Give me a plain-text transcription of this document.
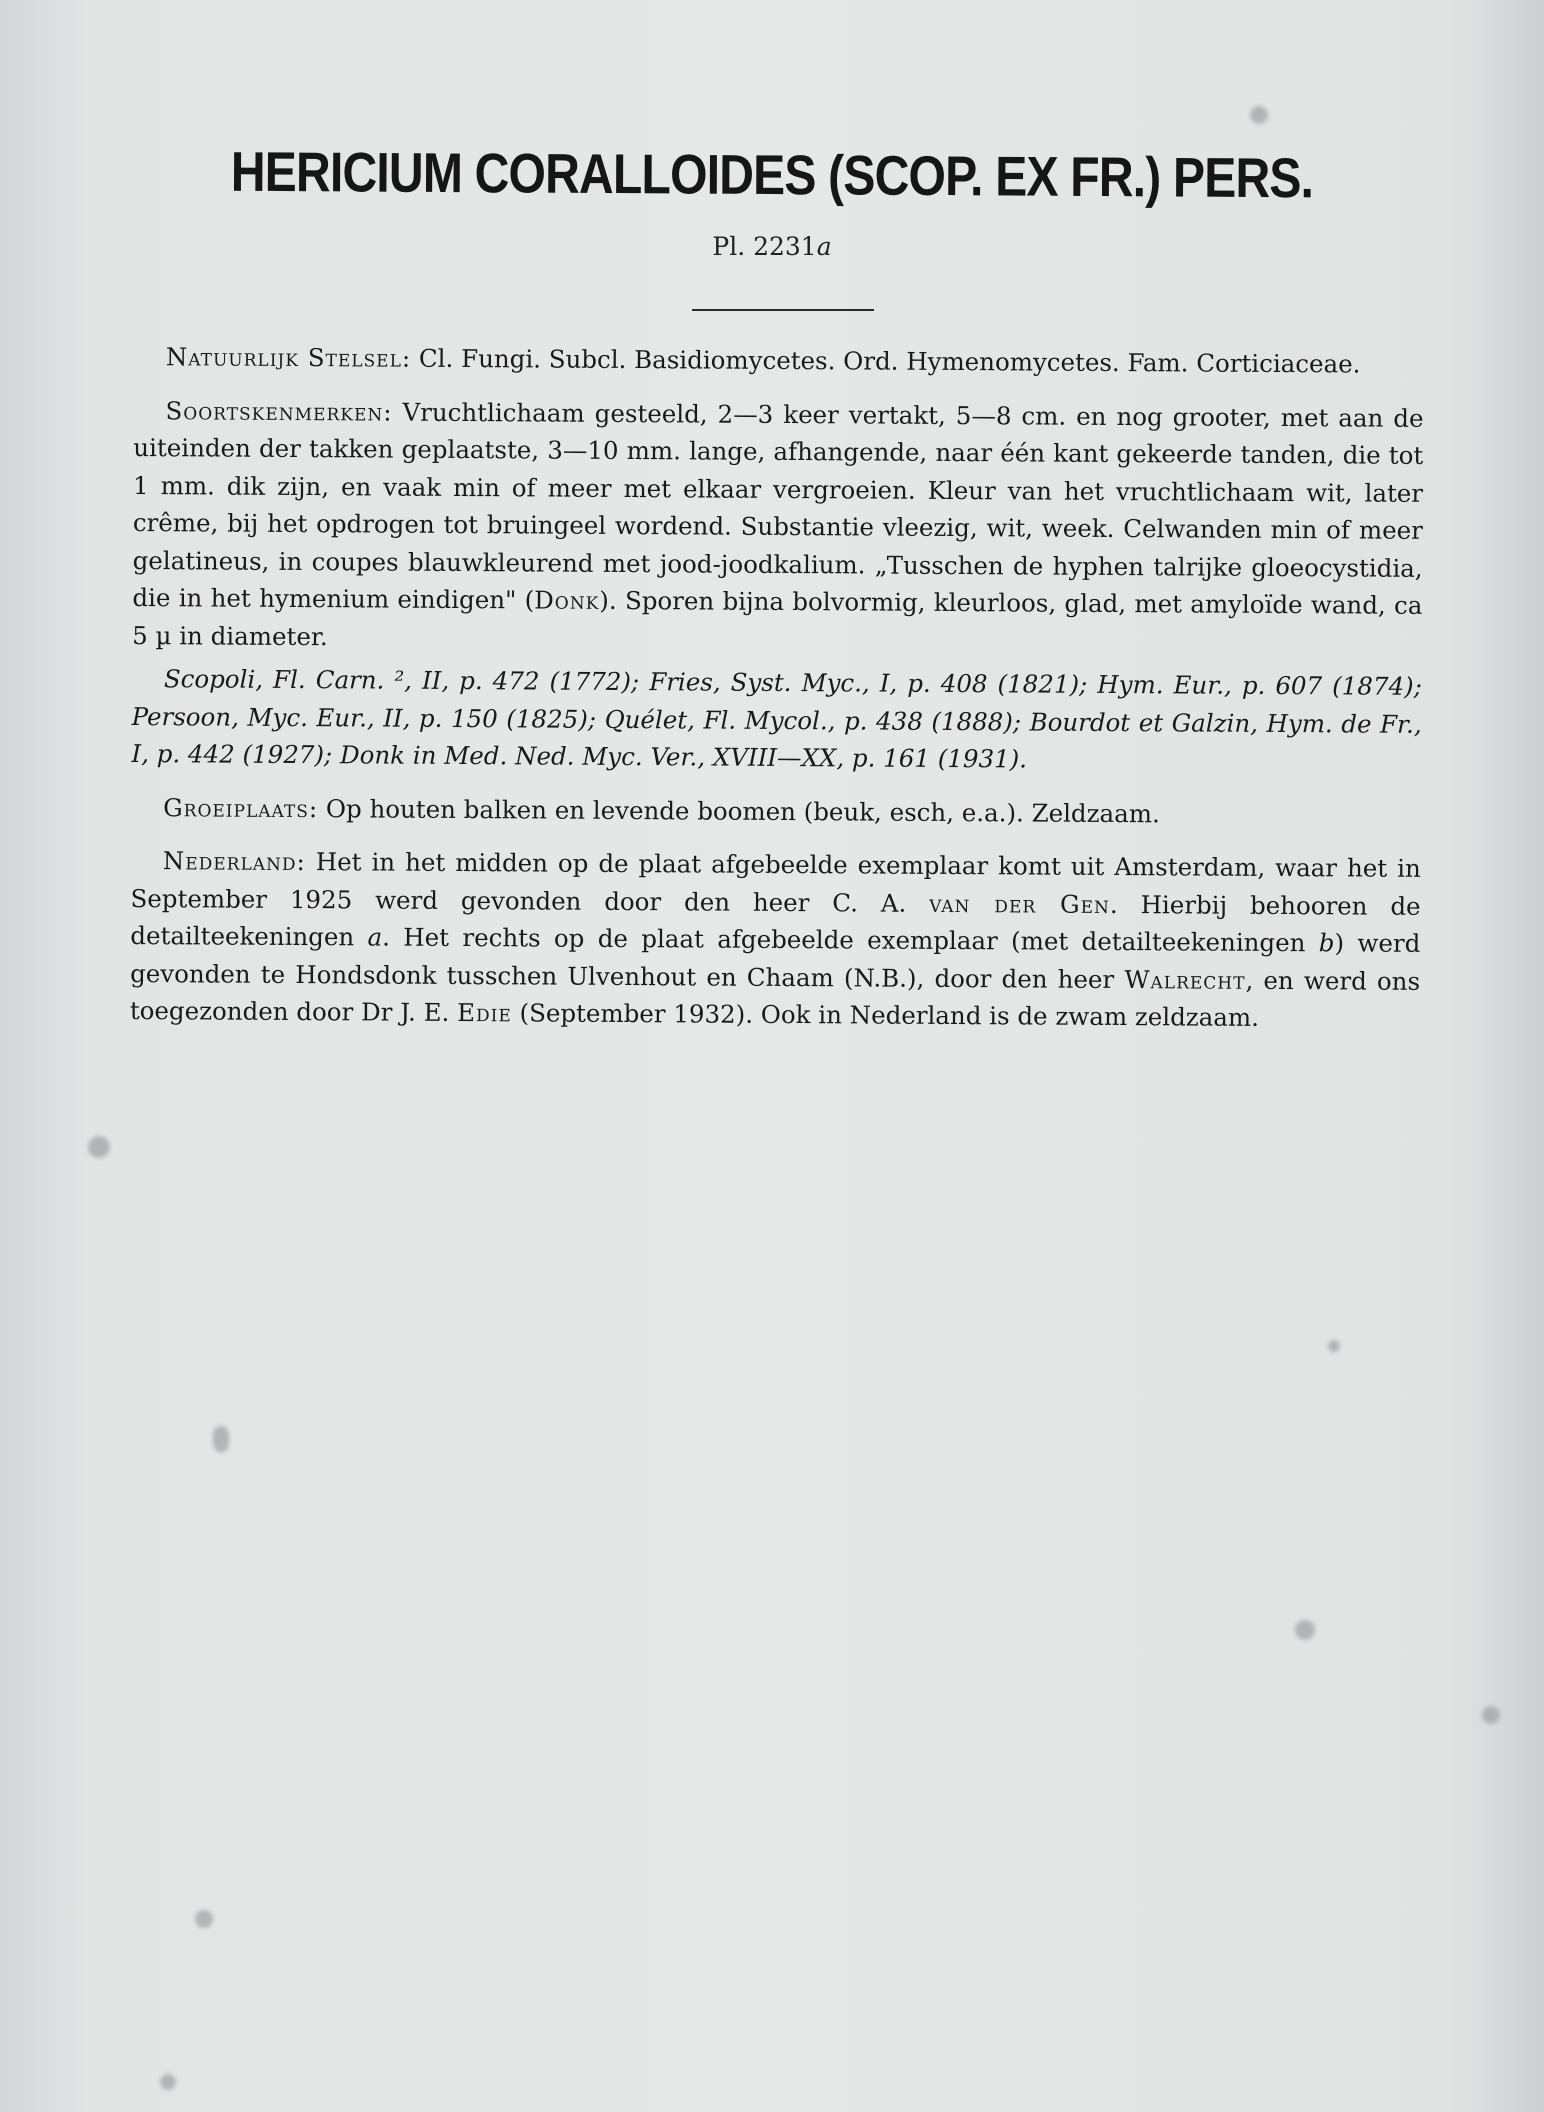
HERICIUM CORALLOIDES (SCOP. EX FR.) PERS.
Pl. 2231a

Natuurlijk Stelsel: Cl. Fungi. Subcl. Basidiomycetes. Ord. Hymenomycetes. Fam. Corticiaceae.

Soortskenmerken: Vruchtlichaam gesteeld, 2—3 keer vertakt, 5—8 cm. en nog grooter, met aan de uiteinden der takken geplaatste, 3—10 mm. lange, afhangende, naar één kant gekeerde tanden, die tot 1 mm. dik zijn, en vaak min of meer met elkaar vergroeien. Kleur van het vruchtlichaam wit, later crême, bij het opdrogen tot bruingeel wordend. Substantie vleezig, wit, week. Celwanden min of meer gelatineus, in coupes blauwkleurend met jood-joodkalium. „Tusschen de hyphen talrijke gloeocystidia, die in het hymenium eindigen" (Donk). Sporen bijna bolvormig, kleurloos, glad, met amyloïde wand, ca 5 µ in diameter.

Scopoli, Fl. Carn. ², II, p. 472 (1772); Fries, Syst. Myc., I, p. 408 (1821); Hym. Eur., p. 607 (1874); Persoon, Myc. Eur., II, p. 150 (1825); Quélet, Fl. Mycol., p. 438 (1888); Bourdot et Galzin, Hym. de Fr., I, p. 442 (1927); Donk in Med. Ned. Myc. Ver., XVIII—XX, p. 161 (1931).

Groeiplaats: Op houten balken en levende boomen (beuk, esch, e.a.). Zeldzaam.

Nederland: Het in het midden op de plaat afgebeelde exemplaar komt uit Amsterdam, waar het in September 1925 werd gevonden door den heer C. A. van der Gen. Hierbij behooren de detailteekeningen a. Het rechts op de plaat afgebeelde exemplaar (met detailteekeningen b) werd gevonden te Hondsdonk tusschen Ulvenhout en Chaam (N.B.), door den heer Walrecht, en werd ons toegezonden door Dr J. E. Edie (September 1932). Ook in Nederland is de zwam zeldzaam.
